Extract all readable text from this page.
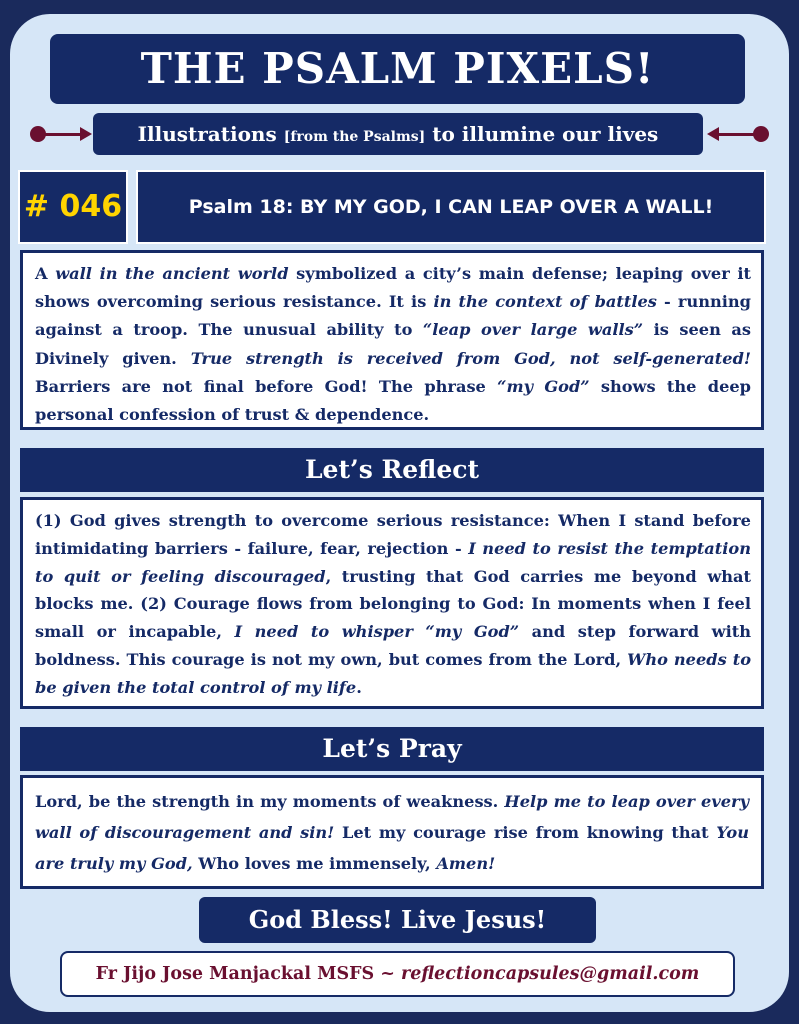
THE PSALM PIXELS!
Illustrations [from the Psalms] to illumine our lives
# 046	Psalm 18: BY MY GOD, I CAN LEAP OVER A WALL!
A wall in the ancient world symbolized a city’s main defense; leaping over it shows overcoming serious resistance. It is in the context of battles - running against a troop. The unusual ability to “leap over large walls” is seen as Divinely given. True strength is received from God, not self-generated! Barriers are not final before God! The phrase “my God” shows the deep personal confession of trust & dependence.
Let’s Reflect
(1) God gives strength to overcome serious resistance: When I stand before intimidating barriers - failure, fear, rejection - I need to resist the temptation to quit or feeling discouraged, trusting that God carries me beyond what blocks me. (2) Courage flows from belonging to God: In moments when I feel small or incapable, I need to whisper “my God” and step forward with boldness. This courage is not my own, but comes from the Lord, Who needs to be given the total control of my life.
Let’s Pray
Lord, be the strength in my moments of weakness. Help me to leap over every wall of discouragement and sin! Let my courage rise from knowing that You are truly my God, Who loves me immensely, Amen!
God Bless! Live Jesus!
Fr Jijo Jose Manjackal MSFS ~ reflectioncapsules@gmail.com
